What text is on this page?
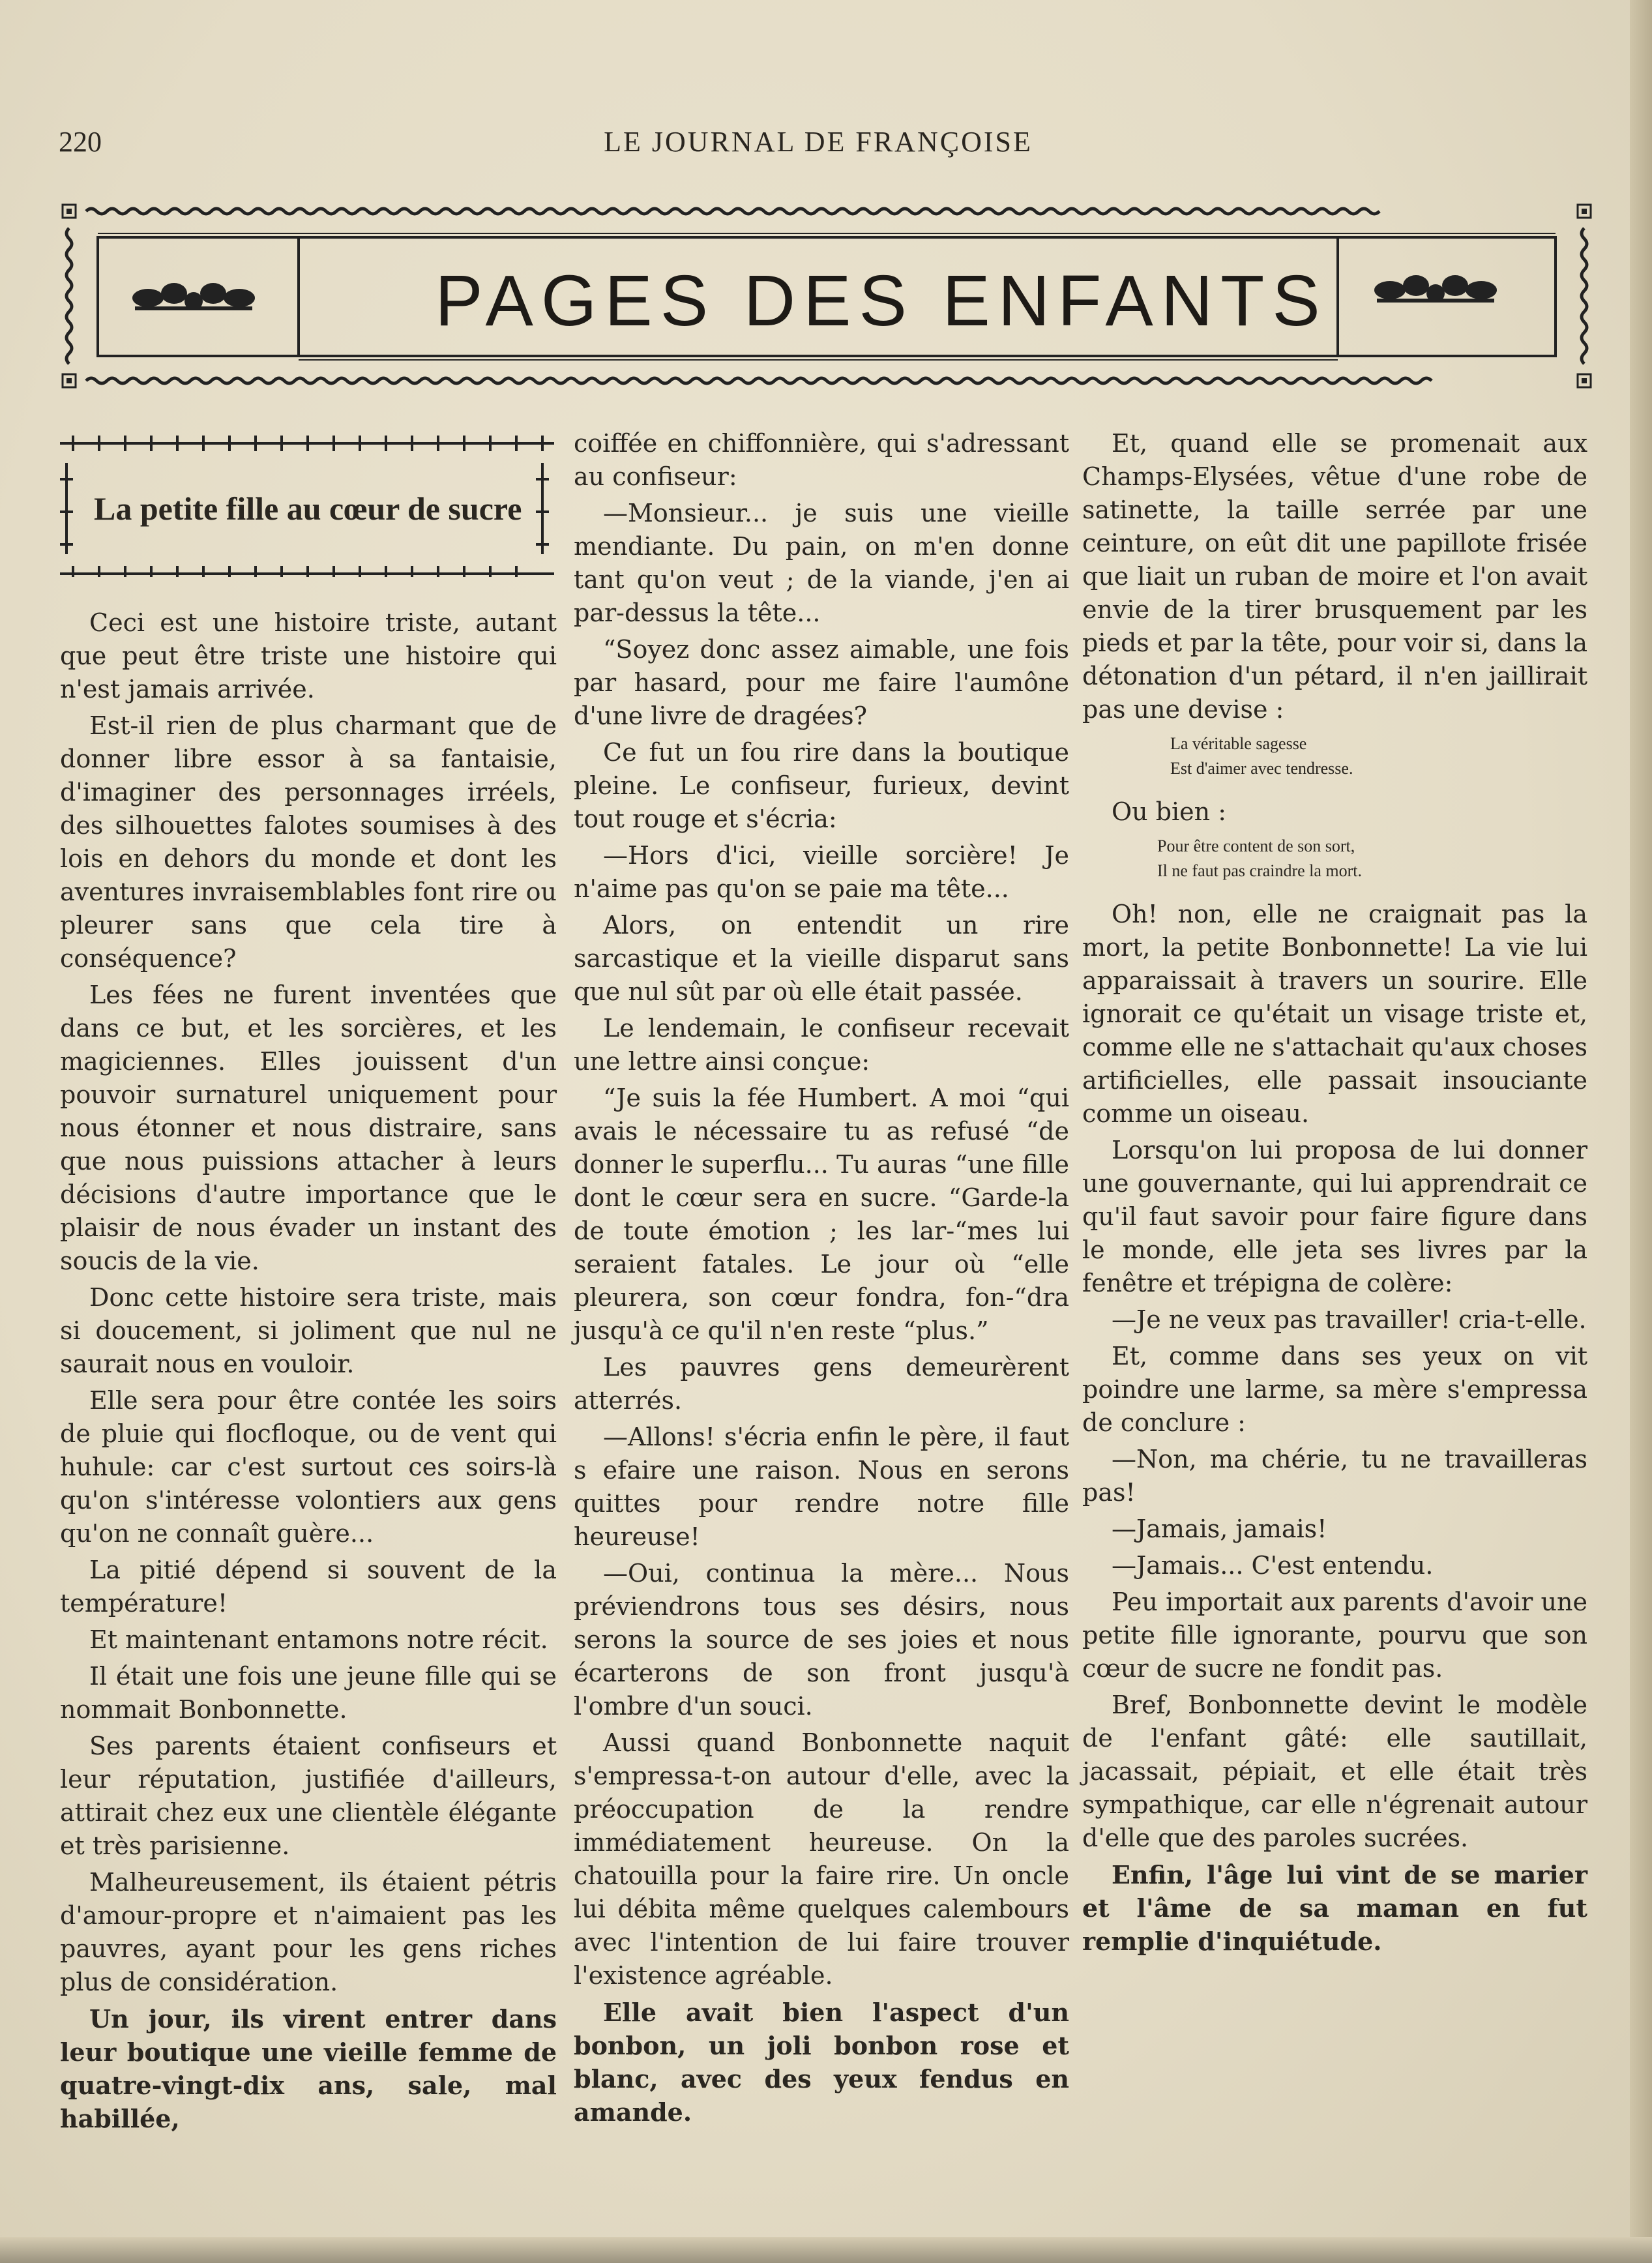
220	LE JOURNAL DE FRANÇOISE
PAGES DES ENFANTS
La petite fille au cœur de sucre

Ceci est une histoire triste, autant que peut être triste une histoire qui n'est jamais arrivée.

Est-il rien de plus charmant que de donner libre essor à sa fantaisie, d'imaginer des personnages irréels, des silhouettes falotes soumises à des lois en dehors du monde et dont les aventures invraisemblables font rire ou pleurer sans que cela tire à conséquence?

Les fées ne furent inventées que dans ce but, et les sorcières, et les magiciennes. Elles jouissent d'un pouvoir surnaturel uniquement pour nous étonner et nous distraire, sans que nous puissions attacher à leurs décisions d'autre importance que le plaisir de nous évader un instant des soucis de la vie.

Donc cette histoire sera triste, mais si doucement, si joliment que nul ne saurait nous en vouloir.

Elle sera pour être contée les soirs de pluie qui flocfloque, ou de vent qui huhule: car c'est surtout ces soirs-là qu'on s'intéresse volontiers aux gens qu'on ne connaît guère...

La pitié dépend si souvent de la température!

Et maintenant entamons notre récit.

Il était une fois une jeune fille qui se nommait Bonbonnette.

Ses parents étaient confiseurs et leur réputation, justifiée d'ailleurs, attirait chez eux une clientèle élégante et très parisienne.

Malheureusement, ils étaient pétris d'amour-propre et n'aimaient pas les pauvres, ayant pour les gens riches plus de considération.

Un jour, ils virent entrer dans leur boutique une vieille femme de quatre-vingt-dix ans, sale, mal habillée,

coiffée en chiffonnière, qui s'adressant au confiseur:

—Monsieur... je suis une vieille mendiante. Du pain, on m'en donne tant qu'on veut ; de la viande, j'en ai par-dessus la tête...

“Soyez donc assez aimable, une fois par hasard, pour me faire l'aumône d'une livre de dragées?

Ce fut un fou rire dans la boutique pleine. Le confiseur, furieux, devint tout rouge et s'écria:

—Hors d'ici, vieille sorcière! Je n'aime pas qu'on se paie ma tête...

Alors, on entendit un rire sarcastique et la vieille disparut sans que nul sût par où elle était passée.

Le lendemain, le confiseur recevait une lettre ainsi conçue:

“Je suis la fée Humbert. A moi “qui avais le nécessaire tu as refusé “de donner le superflu... Tu auras “une fille dont le cœur sera en sucre. “Garde-la de toute émotion ; les lar-“mes lui seraient fatales. Le jour où “elle pleurera, son cœur fondra, fon-“dra jusqu'à ce qu'il n'en reste “plus.”

Les pauvres gens demeurèrent atterrés.

—Allons! s'écria enfin le père, il faut s efaire une raison. Nous en serons quittes pour rendre notre fille heureuse!

—Oui, continua la mère... Nous préviendrons tous ses désirs, nous serons la source de ses joies et nous écarterons de son front jusqu'à l'ombre d'un souci.

Aussi quand Bonbonnette naquit s'empressa-t-on autour d'elle, avec la préoccupation de la rendre immédiatement heureuse. On la chatouilla pour la faire rire. Un oncle lui débita même quelques calembours avec l'intention de lui faire trouver l'existence agréable.

Elle avait bien l'aspect d'un bonbon, un joli bonbon rose et blanc, avec des yeux fendus en amande.

Et, quand elle se promenait aux Champs-Elysées, vêtue d'une robe de satinette, la taille serrée par une ceinture, on eût dit une papillote frisée que liait un ruban de moire et l'on avait envie de la tirer brusquement par les pieds et par la tête, pour voir si, dans la détonation d'un pétard, il n'en jaillirait pas une devise :

La véritable sagesse
Est d'aimer avec tendresse.

Ou bien :

Pour être content de son sort,
Il ne faut pas craindre la mort.

Oh! non, elle ne craignait pas la mort, la petite Bonbonnette! La vie lui apparaissait à travers un sourire. Elle ignorait ce qu'était un visage triste et, comme elle ne s'attachait qu'aux choses artificielles, elle passait insouciante comme un oiseau.

Lorsqu'on lui proposa de lui donner une gouvernante, qui lui apprendrait ce qu'il faut savoir pour faire figure dans le monde, elle jeta ses livres par la fenêtre et trépigna de colère:

—Je ne veux pas travailler! cria-t-elle.

Et, comme dans ses yeux on vit poindre une larme, sa mère s'empressa de conclure :

—Non, ma chérie, tu ne travailleras pas!

—Jamais, jamais!

—Jamais... C'est entendu.

Peu importait aux parents d'avoir une petite fille ignorante, pourvu que son cœur de sucre ne fondit pas.

Bref, Bonbonnette devint le modèle de l'enfant gâté: elle sautillait, jacassait, pépiait, et elle était très sympathique, car elle n'égrenait autour d'elle que des paroles sucrées.

Enfin, l'âge lui vint de se marier et l'âme de sa maman en fut remplie d'inquiétude.
